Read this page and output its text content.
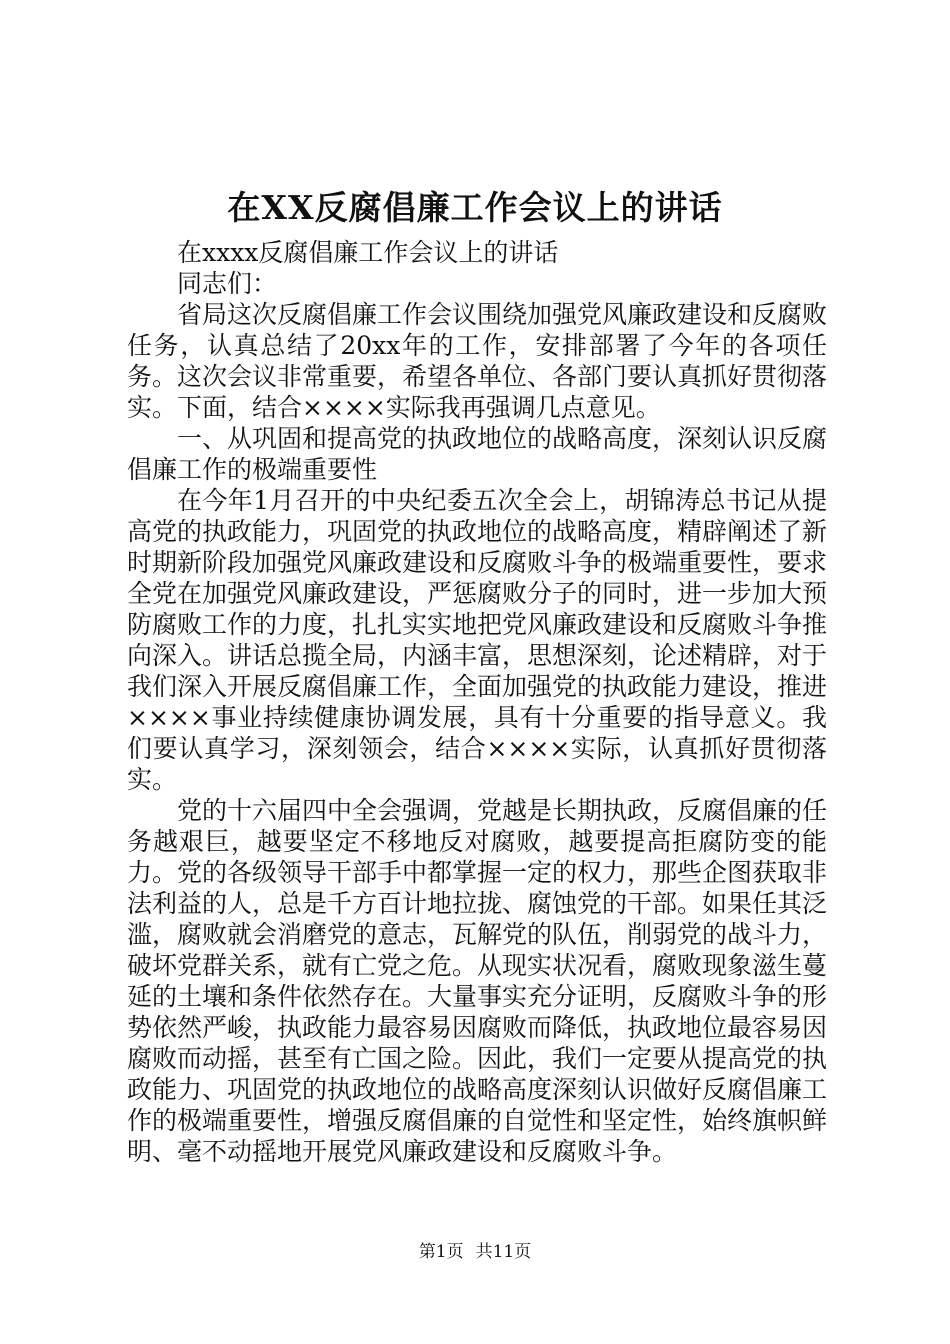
在XX反腐倡廉工作会议上的讲话

在xxxx反腐倡廉工作会议上的讲话

同志们：

省局这次反腐倡廉工作会议围绕加强党风廉政建设和反腐败任务，认真总结了20xx年的工作，安排部署了今年的各项任务。这次会议非常重要，希望各单位、各部门要认真抓好贯彻落实。下面，结合××××实际我再强调几点意见。

一、从巩固和提高党的执政地位的战略高度，深刻认识反腐倡廉工作的极端重要性

在今年1月召开的中央纪委五次全会上，胡锦涛总书记从提高党的执政能力，巩固党的执政地位的战略高度，精辟阐述了新时期新阶段加强党风廉政建设和反腐败斗争的极端重要性，要求全党在加强党风廉政建设，严惩腐败分子的同时，进一步加大预防腐败工作的力度，扎扎实实地把党风廉政建设和反腐败斗争推向深入。讲话总揽全局，内涵丰富，思想深刻，论述精辟，对于我们深入开展反腐倡廉工作，全面加强党的执政能力建设，推进××××事业持续健康协调发展，具有十分重要的指导意义。我们要认真学习，深刻领会，结合××××实际，认真抓好贯彻落实。

党的十六届四中全会强调，党越是长期执政，反腐倡廉的任务越艰巨，越要坚定不移地反对腐败，越要提高拒腐防变的能力。党的各级领导干部手中都掌握一定的权力，那些企图获取非法利益的人，总是千方百计地拉拢、腐蚀党的干部。如果任其泛滥，腐败就会消磨党的意志，瓦解党的队伍，削弱党的战斗力，破坏党群关系，就有亡党之危。从现实状况看，腐败现象滋生蔓延的土壤和条件依然存在。大量事实充分证明，反腐败斗争的形势依然严峻，执政能力最容易因腐败而降低，执政地位最容易因腐败而动摇，甚至有亡国之险。因此，我们一定要从提高党的执政能力、巩固党的执政地位的战略高度深刻认识做好反腐倡廉工作的极端重要性，增强反腐倡廉的自觉性和坚定性，始终旗帜鲜明、毫不动摇地开展党风廉政建设和反腐败斗争。

第1页 共11页
